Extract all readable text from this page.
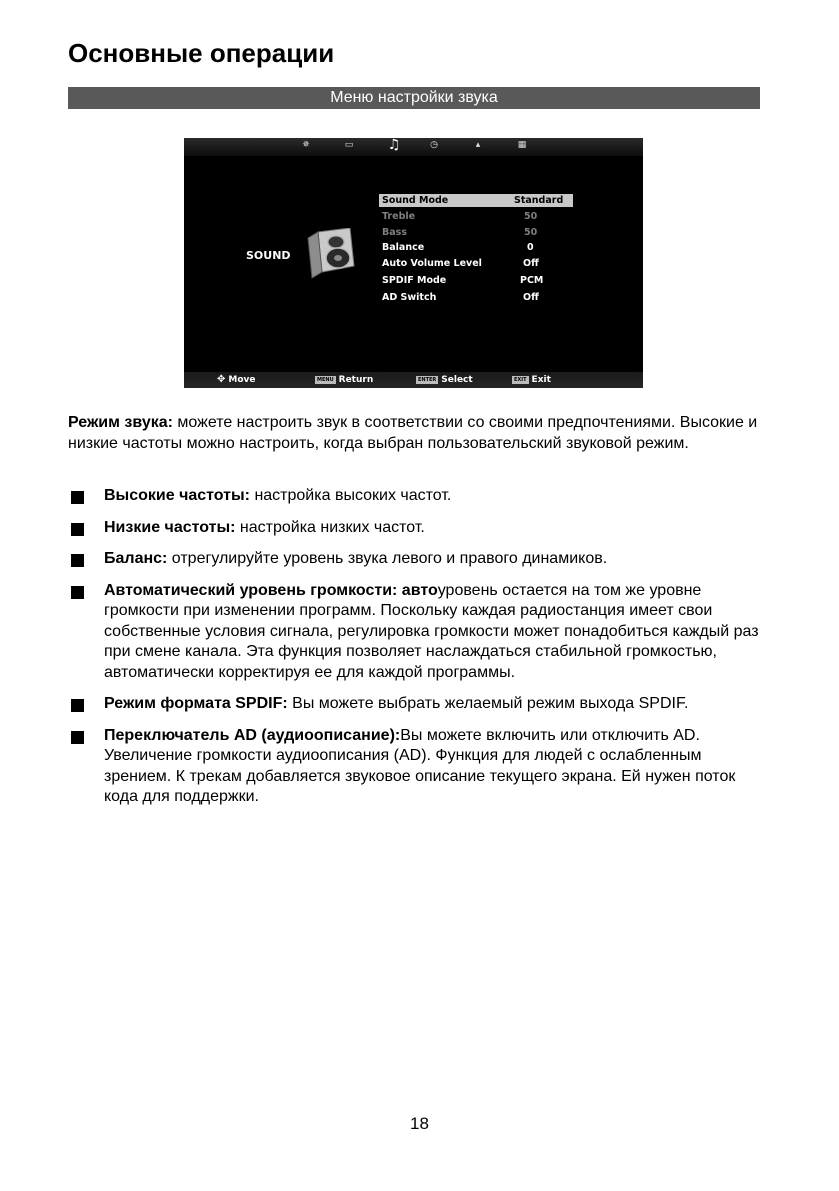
Основные операции
Меню настройки звука
✵	▭ ♫	◷	▴	▦
SOUND
Sound Mode	Standard
Treble	50
Bass	50
Balance	0
Auto Volume Level	Off
SPDIF Mode	PCM
AD Switch	Off
✥ Move	MENU Return	ENTER Select	EXIT Exit

Режим звука: можете настроить звук в соответствии со своими предпочтениями. Высокие и низкие частоты можно настроить, когда выбран пользовательский звуковой режим.

Высокие частоты: настройка высоких частот.
Низкие частоты: настройка низких частот.
Баланс: отрегулируйте уровень звука левого и правого динамиков.
Автоматический уровень громкости: автоуровень остается на том же уровне громкости при изменении программ. Поскольку каждая радиостанция имеет свои собственные условия сигнала, регулировка громкости может понадобиться каждый раз при смене канала. Эта функция позволяет наслаждаться стабильной громкостью, автоматически корректируя ее для каждой программы.
Режим формата SPDIF: Вы можете выбрать желаемый режим выхода SPDIF.
Переключатель AD (аудиоописание):Вы можете включить или отключить AD. Увеличение громкости аудиоописания (AD). Функция для людей с ослабленным зрением. К трекам добавляется звуковое описание текущего экрана. Ей нужен поток кода для поддержки.
18
